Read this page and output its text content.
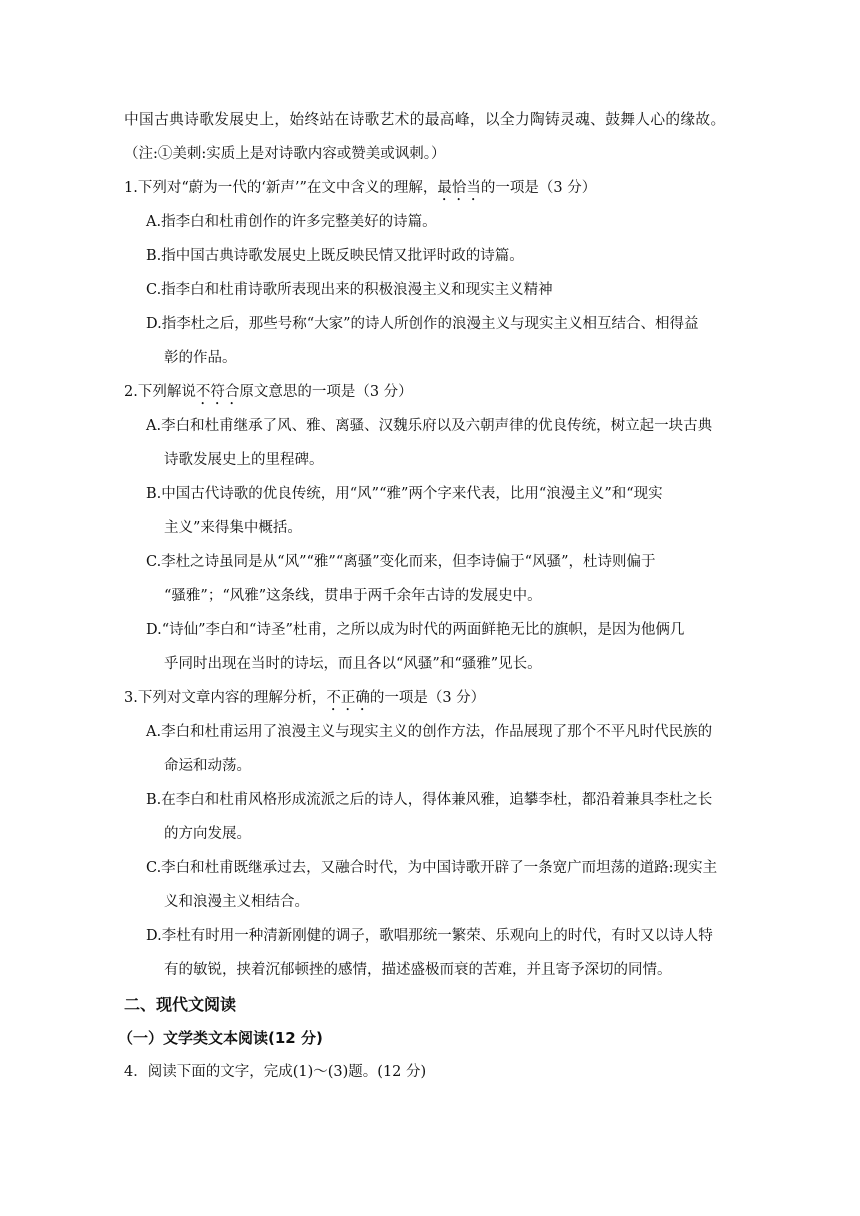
中国古典诗歌发展史上，始终站在诗歌艺术的最高峰，以全力陶铸灵魂、鼓舞人心的缘故。
（注:①美刺:实质上是对诗歌内容或赞美或讽刺。）
1.下列对“蔚为一代的‘新声’”在文中含义的理解，最恰当的一项是（3 分）
A.指李白和杜甫创作的许多完整美好的诗篇。
B.指中国古典诗歌发展史上既反映民情又批评时政的诗篇。
C.指李白和杜甫诗歌所表现出来的积极浪漫主义和现实主义精神
D.指李杜之后，那些号称“大家”的诗人所创作的浪漫主义与现实主义相互结合、相得益
彰的作品。
2.下列解说不符合原文意思的一项是（3 分）
A.李白和杜甫继承了风、雅、离骚、汉魏乐府以及六朝声律的优良传统，树立起一块古典
诗歌发展史上的里程碑。
B.中国古代诗歌的优良传统，用“风”“雅”两个字来代表，比用“浪漫主义”和“现实
主义”来得集中概括。
C.李杜之诗虽同是从“风”“雅”“离骚”变化而来，但李诗偏于“风骚”，杜诗则偏于
“骚雅”；“风雅”这条线，贯串于两千余年古诗的发展史中。
D.“诗仙”李白和“诗圣”杜甫，之所以成为时代的两面鲜艳无比的旗帜，是因为他俩几
乎同时出现在当时的诗坛，而且各以“风骚”和“骚雅”见长。
3.下列对文章内容的理解分析，不正确的一项是（3 分）
A.李白和杜甫运用了浪漫主义与现实主义的创作方法，作品展现了那个不平凡时代民族的
命运和动荡。
B.在李白和杜甫风格形成流派之后的诗人，得体兼风雅，追攀李杜，都沿着兼具李杜之长
的方向发展。
C.李白和杜甫既继承过去，又融合时代，为中国诗歌开辟了一条宽广而坦荡的道路:现实主
义和浪漫主义相结合。
D.李杜有时用一种清新刚健的调子，歌唱那统一繁荣、乐观向上的时代，有时又以诗人特
有的敏锐，挟着沉郁顿挫的感情，描述盛极而衰的苦难，并且寄予深切的同情。
二、现代文阅读
（一）文学类文本阅读(12 分)
4．阅读下面的文字，完成(1)～(3)题。(12 分)
